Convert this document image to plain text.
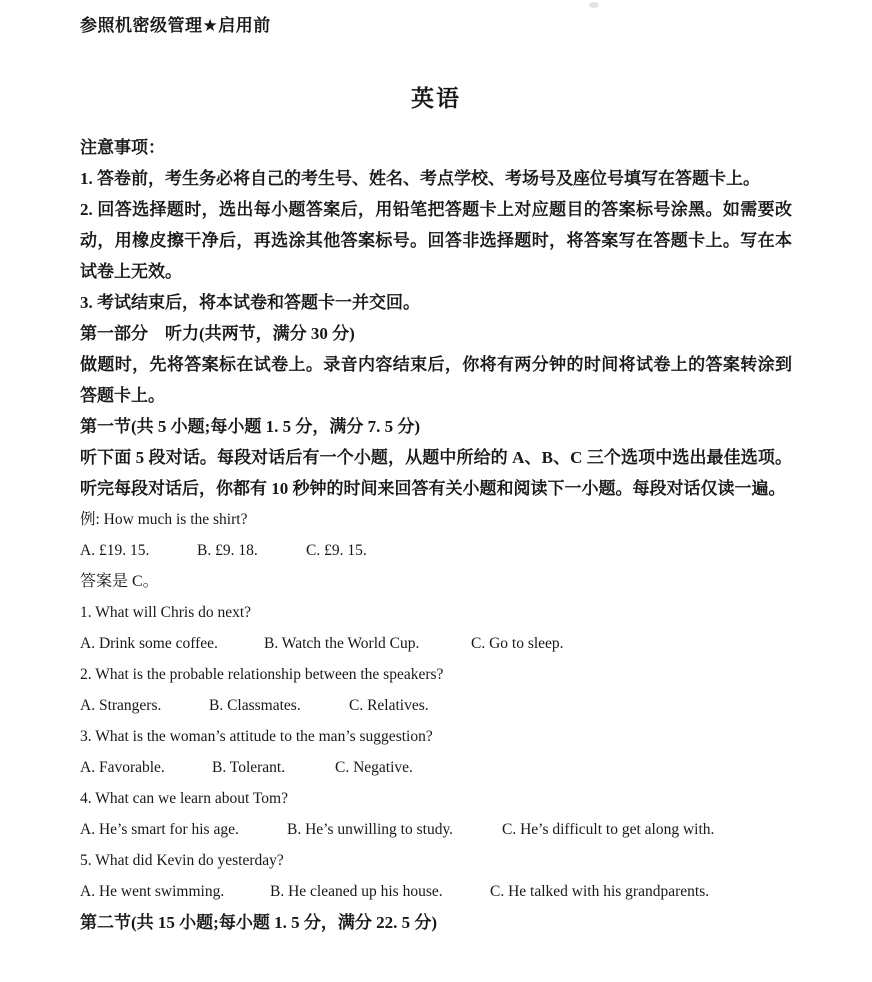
参照机密级管理★启用前
英语

注意事项：

1. 答卷前，考生务必将自己的考生号、姓名、考点学校、考场号及座位号填写在答题卡上。

2. 回答选择题时，选出每小题答案后，用铅笔把答题卡上对应题目的答案标号涂黑。如需要改动，用橡皮擦干净后，再选涂其他答案标号。回答非选择题时，将答案写在答题卡上。写在本试卷上无效。

3. 考试结束后，将本试卷和答题卡一并交回。

第一部分　听力(共两节，满分 30 分)

做题时，先将答案标在试卷上。录音内容结束后，你将有两分钟的时间将试卷上的答案转涂到答题卡上。

第一节(共 5 小题;每小题 1. 5 分，满分 7. 5 分)

听下面 5 段对话。每段对话后有一个小题，从题中所给的 A、B、C 三个选项中选出最佳选项。听完每段对话后，你都有 10 秒钟的时间来回答有关小题和阅读下一小题。每段对话仅读一遍。

例: How much is the shirt?

A. £19. 15.	B. £9. 18.	C. £9. 15.

答案是 C。

1. What will Chris do next?

A. Drink some coffee.	B. Watch the World Cup.	C. Go to sleep.

2. What is the probable relationship between the speakers?

A. Strangers.	B. Classmates.	C. Relatives.

3. What is the woman’s attitude to the man’s suggestion?

A. Favorable.	B. Tolerant.	C. Negative.

4. What can we learn about Tom?

A. He’s smart for his age.	B. He’s unwilling to study.	C. He’s difficult to get along with.

5. What did Kevin do yesterday?

A. He went swimming.	B. He cleaned up his house.	C. He talked with his grandparents.

第二节(共 15 小题;每小题 1. 5 分，满分 22. 5 分)
